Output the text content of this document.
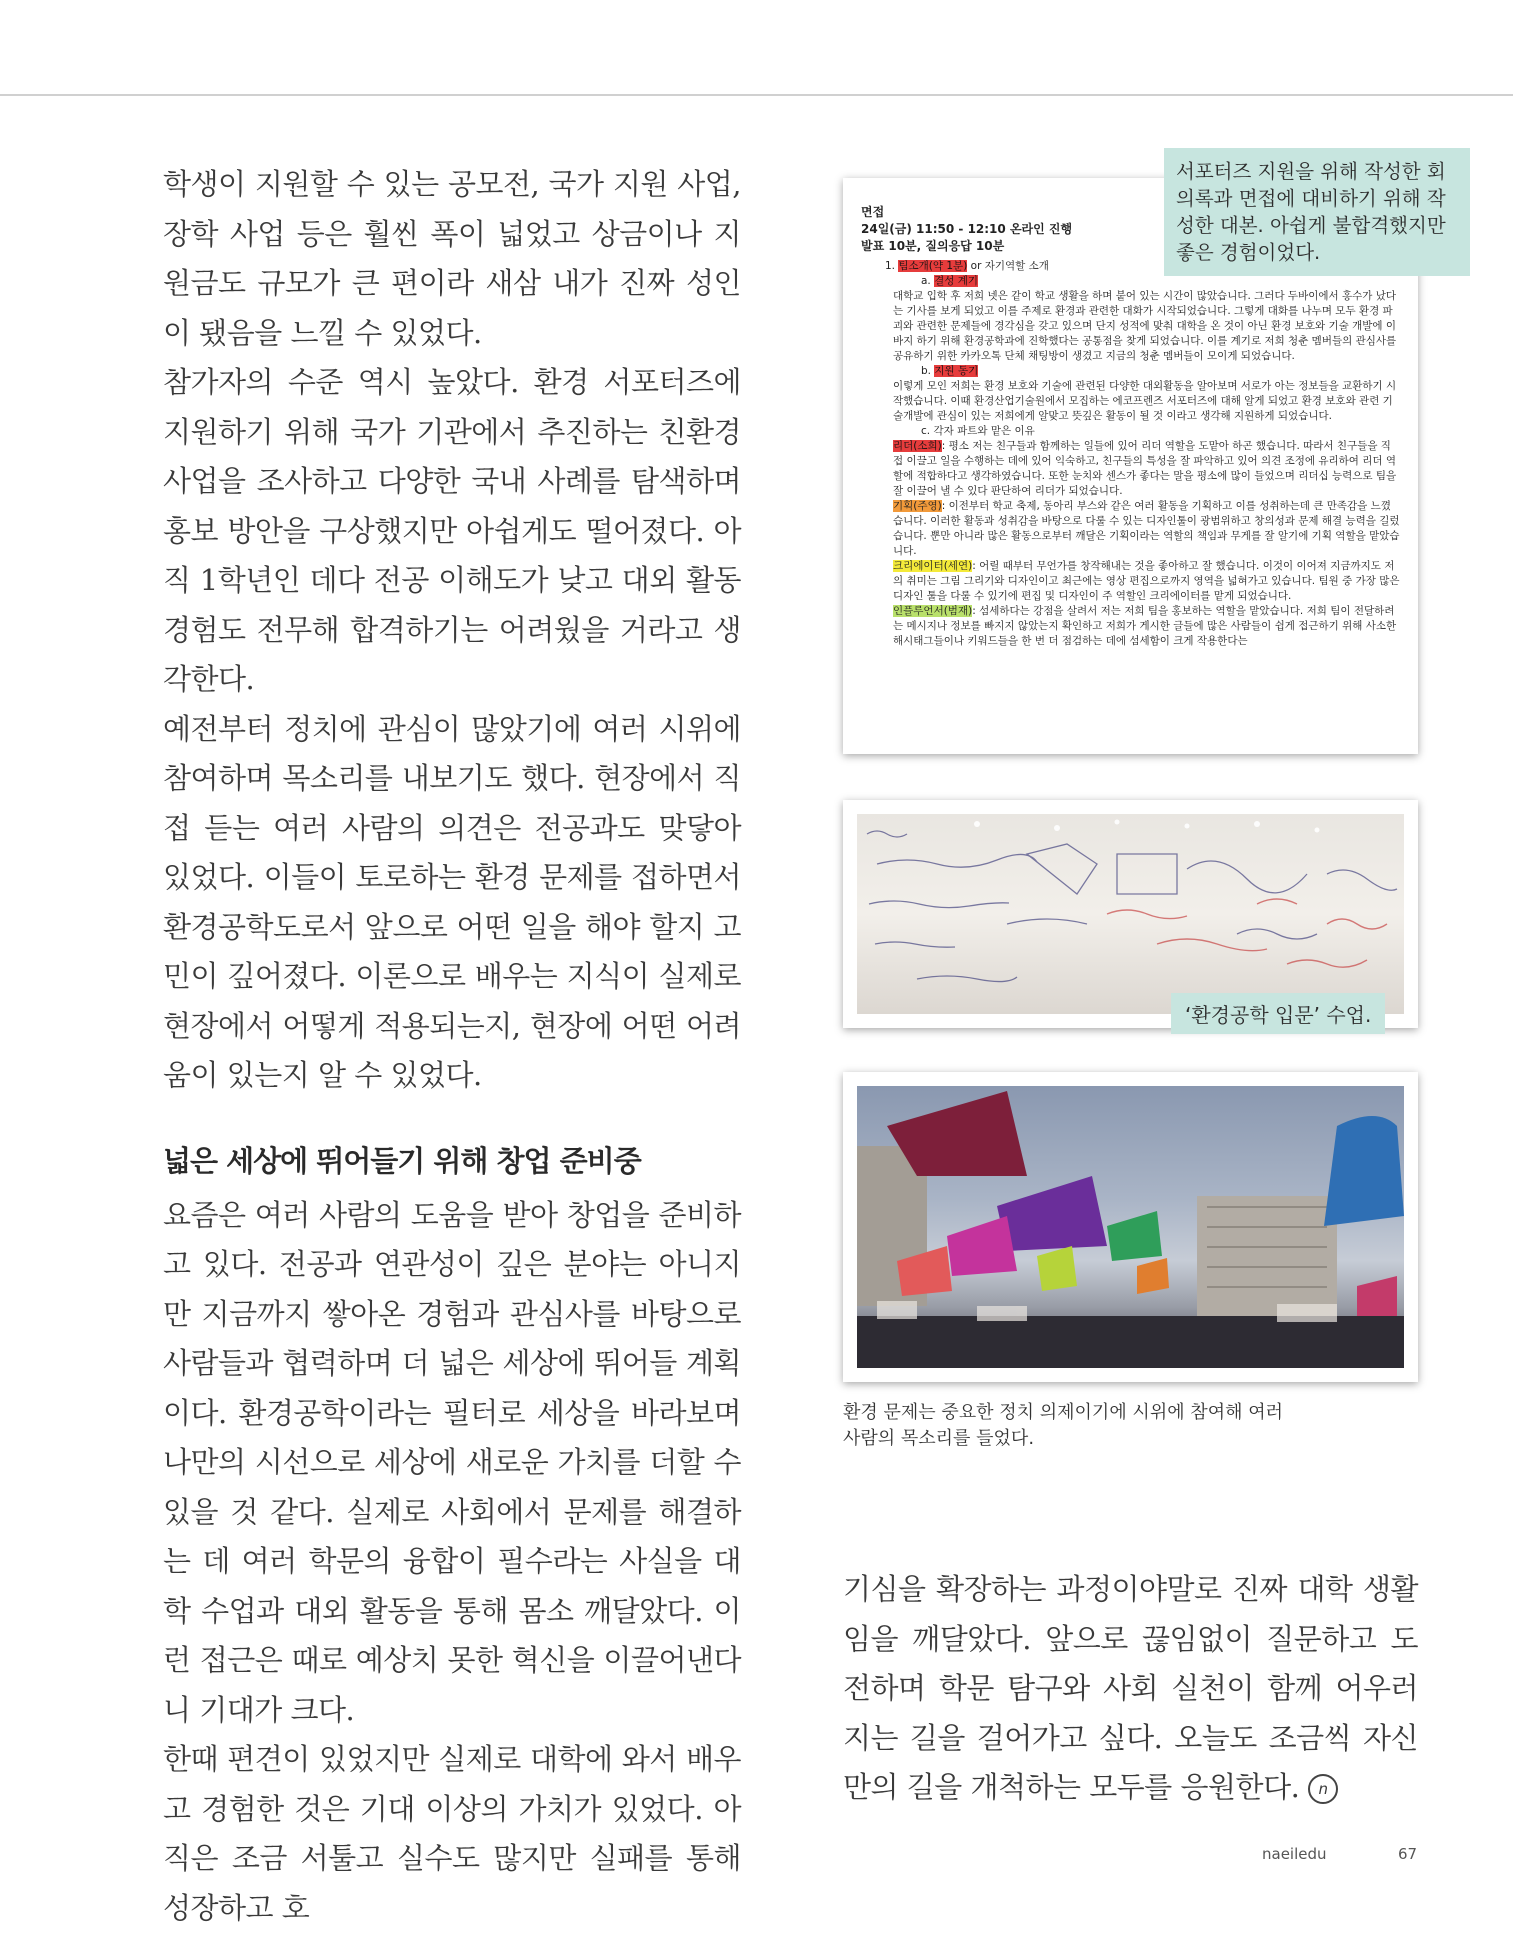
학생이 지원할 수 있는 공모전, 국가 지원 사업, 장학 사업 등은 훨씬 폭이 넓었고 상금이나 지원금도 규모가 큰 편이라 새삼 내가 진짜 성인이 됐음을 느낄 수 있었다.

참가자의 수준 역시 높았다. 환경 서포터즈에 지원하기 위해 국가 기관에서 추진하는 친환경 사업을 조사하고 다양한 국내 사례를 탐색하며 홍보 방안을 구상했지만 아쉽게도 떨어졌다. 아직 1학년인 데다 전공 이해도가 낮고 대외 활동 경험도 전무해 합격하기는 어려웠을 거라고 생각한다.

예전부터 정치에 관심이 많았기에 여러 시위에 참여하며 목소리를 내보기도 했다. 현장에서 직접 듣는 여러 사람의 의견은 전공과도 맞닿아 있었다. 이들이 토로하는 환경 문제를 접하면서 환경공학도로서 앞으로 어떤 일을 해야 할지 고민이 깊어졌다. 이론으로 배우는 지식이 실제로 현장에서 어떻게 적용되는지, 현장에 어떤 어려움이 있는지 알 수 있었다.

넓은 세상에 뛰어들기 위해 창업 준비중

요즘은 여러 사람의 도움을 받아 창업을 준비하고 있다. 전공과 연관성이 깊은 분야는 아니지만 지금까지 쌓아온 경험과 관심사를 바탕으로 사람들과 협력하며 더 넓은 세상에 뛰어들 계획이다. 환경공학이라는 필터로 세상을 바라보며 나만의 시선으로 세상에 새로운 가치를 더할 수 있을 것 같다. 실제로 사회에서 문제를 해결하는 데 여러 학문의 융합이 필수라는 사실을 대학 수업과 대외 활동을 통해 몸소 깨달았다. 이런 접근은 때로 예상치 못한 혁신을 이끌어낸다니 기대가 크다.

한때 편견이 있었지만 실제로 대학에 와서 배우고 경험한 것은 기대 이상의 가치가 있었다. 아직은 조금 서툴고 실수도 많지만 실패를 통해 성장하고 호

면접

24일(금) 11:50 - 12:10 온라인 진행

발표 10분, 질의응답 10분

1. 팀소개(약 1분) or 자기역할 소개

a. 결성 계기

대학교 입학 후 저희 넷은 같이 학교 생활을 하며 붙어 있는 시간이 많았습니다. 그러다 두바이에서 홍수가 났다는 기사를 보게 되었고 이를 주제로 환경과 관련한 대화가 시작되었습니다. 그렇게 대화를 나누며 모두 환경 파괴와 관련한 문제들에 경각심을 갖고 있으며 단지 성적에 맞춰 대학을 온 것이 아닌 환경 보호와 기술 개발에 이바지 하기 위해 환경공학과에 진학했다는 공통점을 찾게 되었습니다. 이를 계기로 저희 청춘 멤버들의 관심사를 공유하기 위한 카카오톡 단체 채팅방이 생겼고 지금의 청춘 멤버들이 모이게 되었습니다.

b. 지원 동기

이렇게 모인 저희는 환경 보호와 기술에 관련된 다양한 대외활동을 알아보며 서로가 아는 정보들을 교환하기 시작했습니다. 이때 환경산업기술원에서 모집하는 에코프렌즈 서포터즈에 대해 알게 되었고 환경 보호와 관련 기술개발에 관심이 있는 저희에게 알맞고 뜻깊은 활동이 될 것 이라고 생각해 지원하게 되었습니다.

c. 각자 파트와 맡은 이유

리더(소희): 평소 저는 친구들과 함께하는 일들에 있어 리더 역할을 도맡아 하곤 했습니다. 따라서 친구들을 직접 이끌고 일을 수행하는 데에 있어 익숙하고, 친구들의 특성을 잘 파악하고 있어 의견 조정에 유리하여 리더 역할에 적합하다고 생각하였습니다. 또한 눈치와 센스가 좋다는 말을 평소에 많이 들었으며 리더십 능력으로 팀을 잘 이끌어 낼 수 있다 판단하여 리더가 되었습니다.

기획(주영): 이전부터 학교 축제, 동아리 부스와 같은 여러 활동을 기획하고 이를 성취하는데 큰 만족감을 느꼈습니다. 이러한 활동과 성취감을 바탕으로 다룰 수 있는 디자인툴이 광범위하고 창의성과 문제 해결 능력을 길렀습니다. 뿐만 아니라 많은 활동으로부터 깨달은 기획이라는 역할의 책임과 무게를 잘 알기에 기획 역할을 맡았습니다.

크리에이터(세연): 어릴 때부터 무언가를 창작해내는 것을 좋아하고 잘 했습니다. 이것이 이어져 지금까지도 저의 취미는 그림 그리기와 디자인이고 최근에는 영상 편집으로까지 영역을 넓혀가고 있습니다. 팀원 중 가장 많은 디자인 툴을 다룰 수 있기에 편집 및 디자인이 주 역할인 크리에이터를 맡게 되었습니다.

인플루언서(범재): 섬세하다는 강점을 살려서 저는 저희 팀을 홍보하는 역할을 맡았습니다. 저희 팀이 전달하려는 메시지나 정보를 빠지지 않았는지 확인하고 저희가 게시한 글들에 많은 사람들이 쉽게 접근하기 위해 사소한 해시태그들이나 키워드들을 한 번 더 점검하는 데에 섬세함이 크게 작용한다는

서포터즈 지원을 위해 작성한 회의록과 면접에 대비하기 위해 작성한 대본. 아쉽게 불합격했지만 좋은 경험이었다.
‘환경공학 입문’ 수업.
환경 문제는 중요한 정치 의제이기에 시위에 참여해 여러 사람의 목소리를 들었다.

기심을 확장하는 과정이야말로 진짜 대학 생활임을 깨달았다. 앞으로 끊임없이 질문하고 도전하며 학문 탐구와 사회 실천이 함께 어우러지는 길을 걸어가고 싶다. 오늘도 조금씩 자신만의 길을 개척하는 모두를 응원한다. n

naeiledu	67
